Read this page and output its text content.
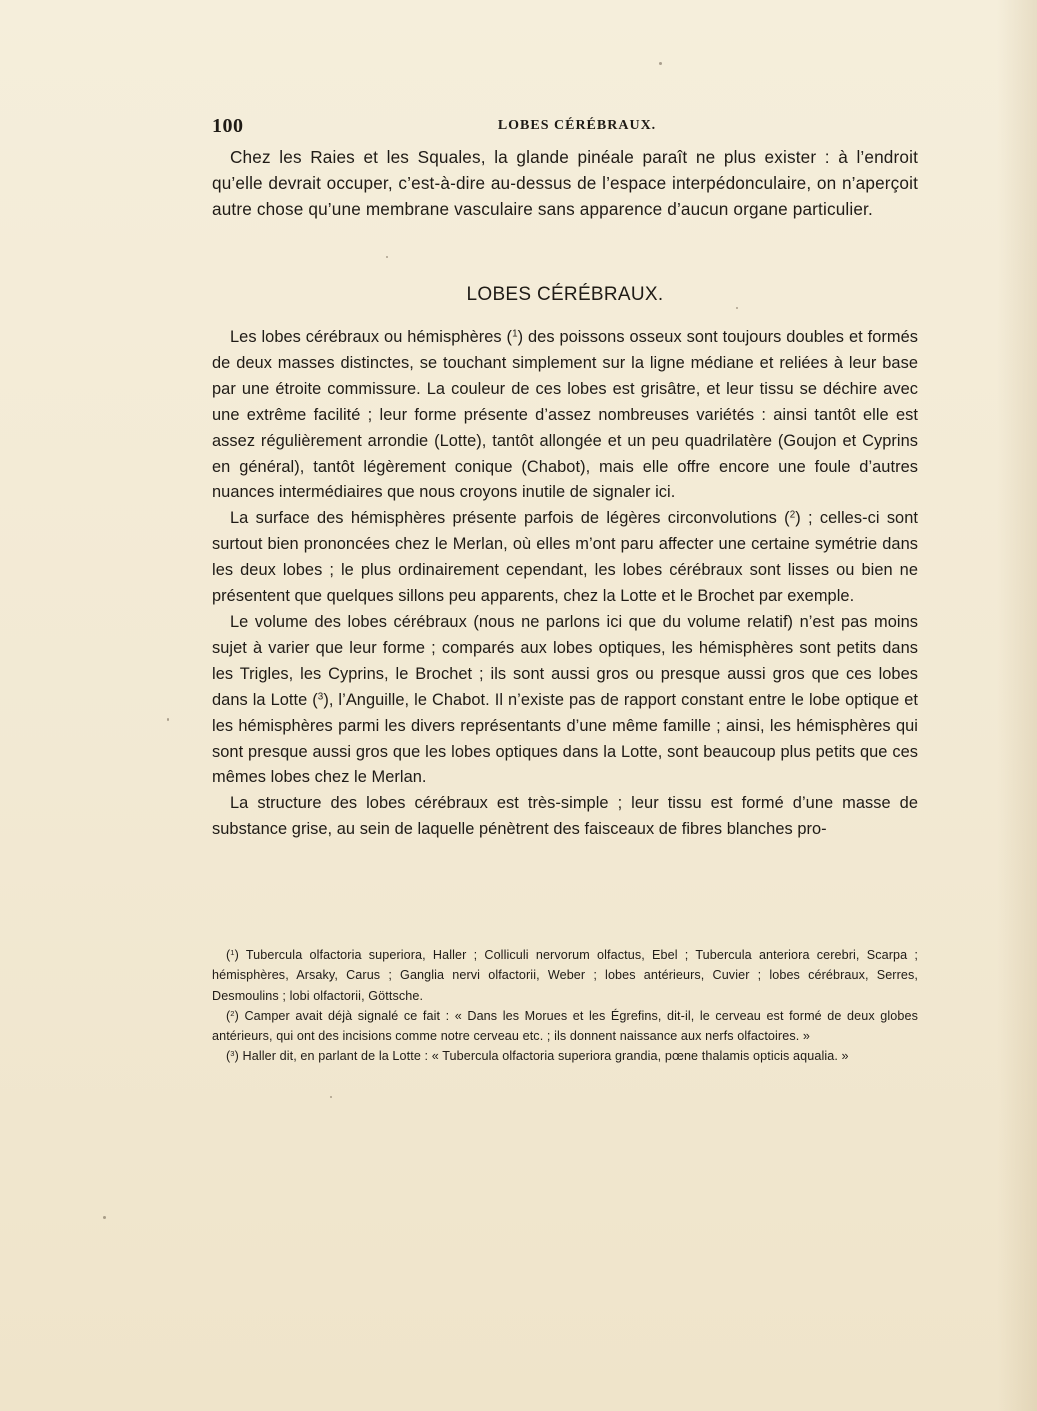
100	LOBES CÉRÉBRAUX.

Chez les Raies et les Squales, la glande pinéale paraît ne plus exister : à l’endroit qu’elle devrait occuper, c’est-à-dire au-dessus de l’espace interpédonculaire, on n’aperçoit autre chose qu’une membrane vasculaire sans apparence d’aucun organe particulier.

LOBES CÉRÉBRAUX.

Les lobes cérébraux ou hémisphères ($^1$) des poissons osseux sont toujours doubles et formés de deux masses distinctes, se touchant simplement sur la ligne médiane et reliées à leur base par une étroite commissure. La couleur de ces lobes est grisâtre, et leur tissu se déchire avec une extrême facilité ; leur forme présente d’assez nombreuses variétés : ainsi tantôt elle est assez régulièrement arrondie (Lotte), tantôt allongée et un peu quadrilatère (Goujon et Cyprins en général), tantôt légèrement conique (Chabot), mais elle offre encore une foule d’autres nuances intermédiaires que nous croyons inutile de signaler ici.

La surface des hémisphères présente parfois de légères circonvolutions ($^2$) ; celles-ci sont surtout bien prononcées chez le Merlan, où elles m’ont paru affecter une certaine symétrie dans les deux lobes ; le plus ordinairement cependant, les lobes cérébraux sont lisses ou bien ne présentent que quelques sillons peu apparents, chez la Lotte et le Brochet par exemple.

Le volume des lobes cérébraux (nous ne parlons ici que du volume relatif) n’est pas moins sujet à varier que leur forme ; comparés aux lobes optiques, les hémisphères sont petits dans les Trigles, les Cyprins, le Brochet ; ils sont aussi gros ou presque aussi gros que ces lobes dans la Lotte ($^3$), l’Anguille, le Chabot. Il n’existe pas de rapport constant entre le lobe optique et les hémisphères parmi les divers représentants d’une même famille ; ainsi, les hémisphères qui sont presque aussi gros que les lobes optiques dans la Lotte, sont beaucoup plus petits que ces mêmes lobes chez le Merlan.

La structure des lobes cérébraux est très-simple ; leur tissu est formé d’une masse de substance grise, au sein de laquelle pénètrent des faisceaux de fibres blanches pro-

($^1$) Tubercula olfactoria superiora, Haller ; Colliculi nervorum olfactus, Ebel ; Tubercula anteriora cerebri, Scarpa ; hémisphères, Arsaky, Carus ; Ganglia nervi olfactorii, Weber ; lobes antérieurs, Cuvier ; lobes cérébraux, Serres, Desmoulins ; lobi olfactorii, Göttsche.

($^2$) Camper avait déjà signalé ce fait : « Dans les Morues et les Égrefins, dit-il, le cerveau est formé de deux globes antérieurs, qui ont des incisions comme notre cerveau etc. ; ils donnent naissance aux nerfs olfactoires. »

($^3$) Haller dit, en parlant de la Lotte : « Tubercula olfactoria superiora grandia, pœne thalamis opticis aqualia. »
